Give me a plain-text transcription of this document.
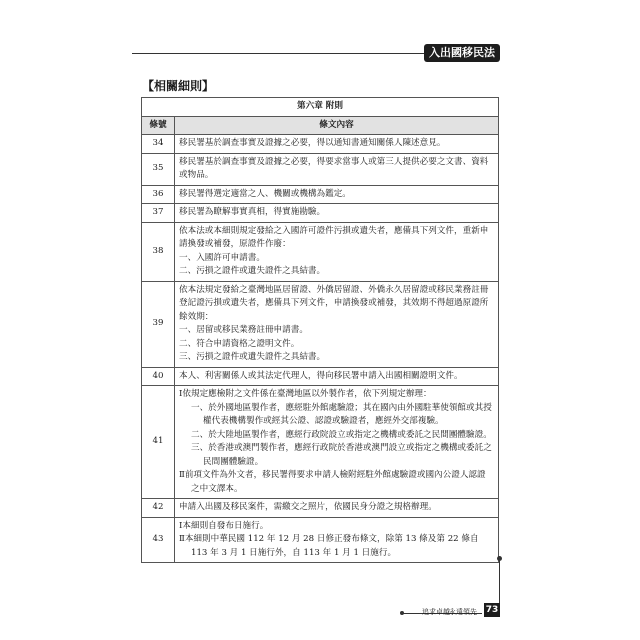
入出國移民法規
【相關細則】
第六章 附則	
條號	條文內容
34	移民署基於調查事實及證據之必要，得以通知書通知關係人陳述意見。

35	移民署基於調查事實及證據之必要，得要求當事人或第三人提供必要之文書、資料或物品。

36	移民署得選定適當之人、機關或機構為鑑定。

37	移民署為瞭解事實真相，得實施勘驗。

38	依本法或本細則規定發給之入國許可證件污損或遺失者，應備具下列文件，重新申請換發或補發，原證件作廢：
一、入國許可申請書。
二、污損之證件或遺失證件之具結書。

39	依本法規定發給之臺灣地區居留證、外僑居留證、外僑永久居留證或移民業務註冊登記證污損或遺失者，應備具下列文件，申請換發或補發，其效期不得超過原證所餘效期：
一、居留或移民業務註冊申請書。
二、符合申請資格之證明文件。
三、污損之證件或遺失證件之具結書。

40	本人、利害關係人或其法定代理人，得向移民署申請入出國相關證明文件。

41	Ⅰ依規定應檢附之文件係在臺灣地區以外製作者，依下列規定辦理：
一、於外國地區製作者，應經駐外館處驗證；其在國內由外國駐華使領館或其授權代表機構製作或經其公證、認證或驗證者，應經外交部複驗。
二、於大陸地區製作者，應經行政院設立或指定之機構或委託之民間團體驗證。
三、於香港或澳門製作者，應經行政院於香港或澳門設立或指定之機構或委託之民間團體驗證。
Ⅱ前項文件為外文者，移民署得要求申請人檢附經駐外館處驗證或國內公證人認證之中文譯本。

42	申請入出國及移民案件，需繳交之照片，依國民身分證之規格辦理。

43	Ⅰ本細則自發布日施行。
Ⅱ本細則中華民國 112 年 12 月 28 日修正發布條文，除第 13 條及第 22 條自 113 年 3 月 1 日施行外，自 113 年 1 月 1 日施行。
追求卓越 永遠領先 73
